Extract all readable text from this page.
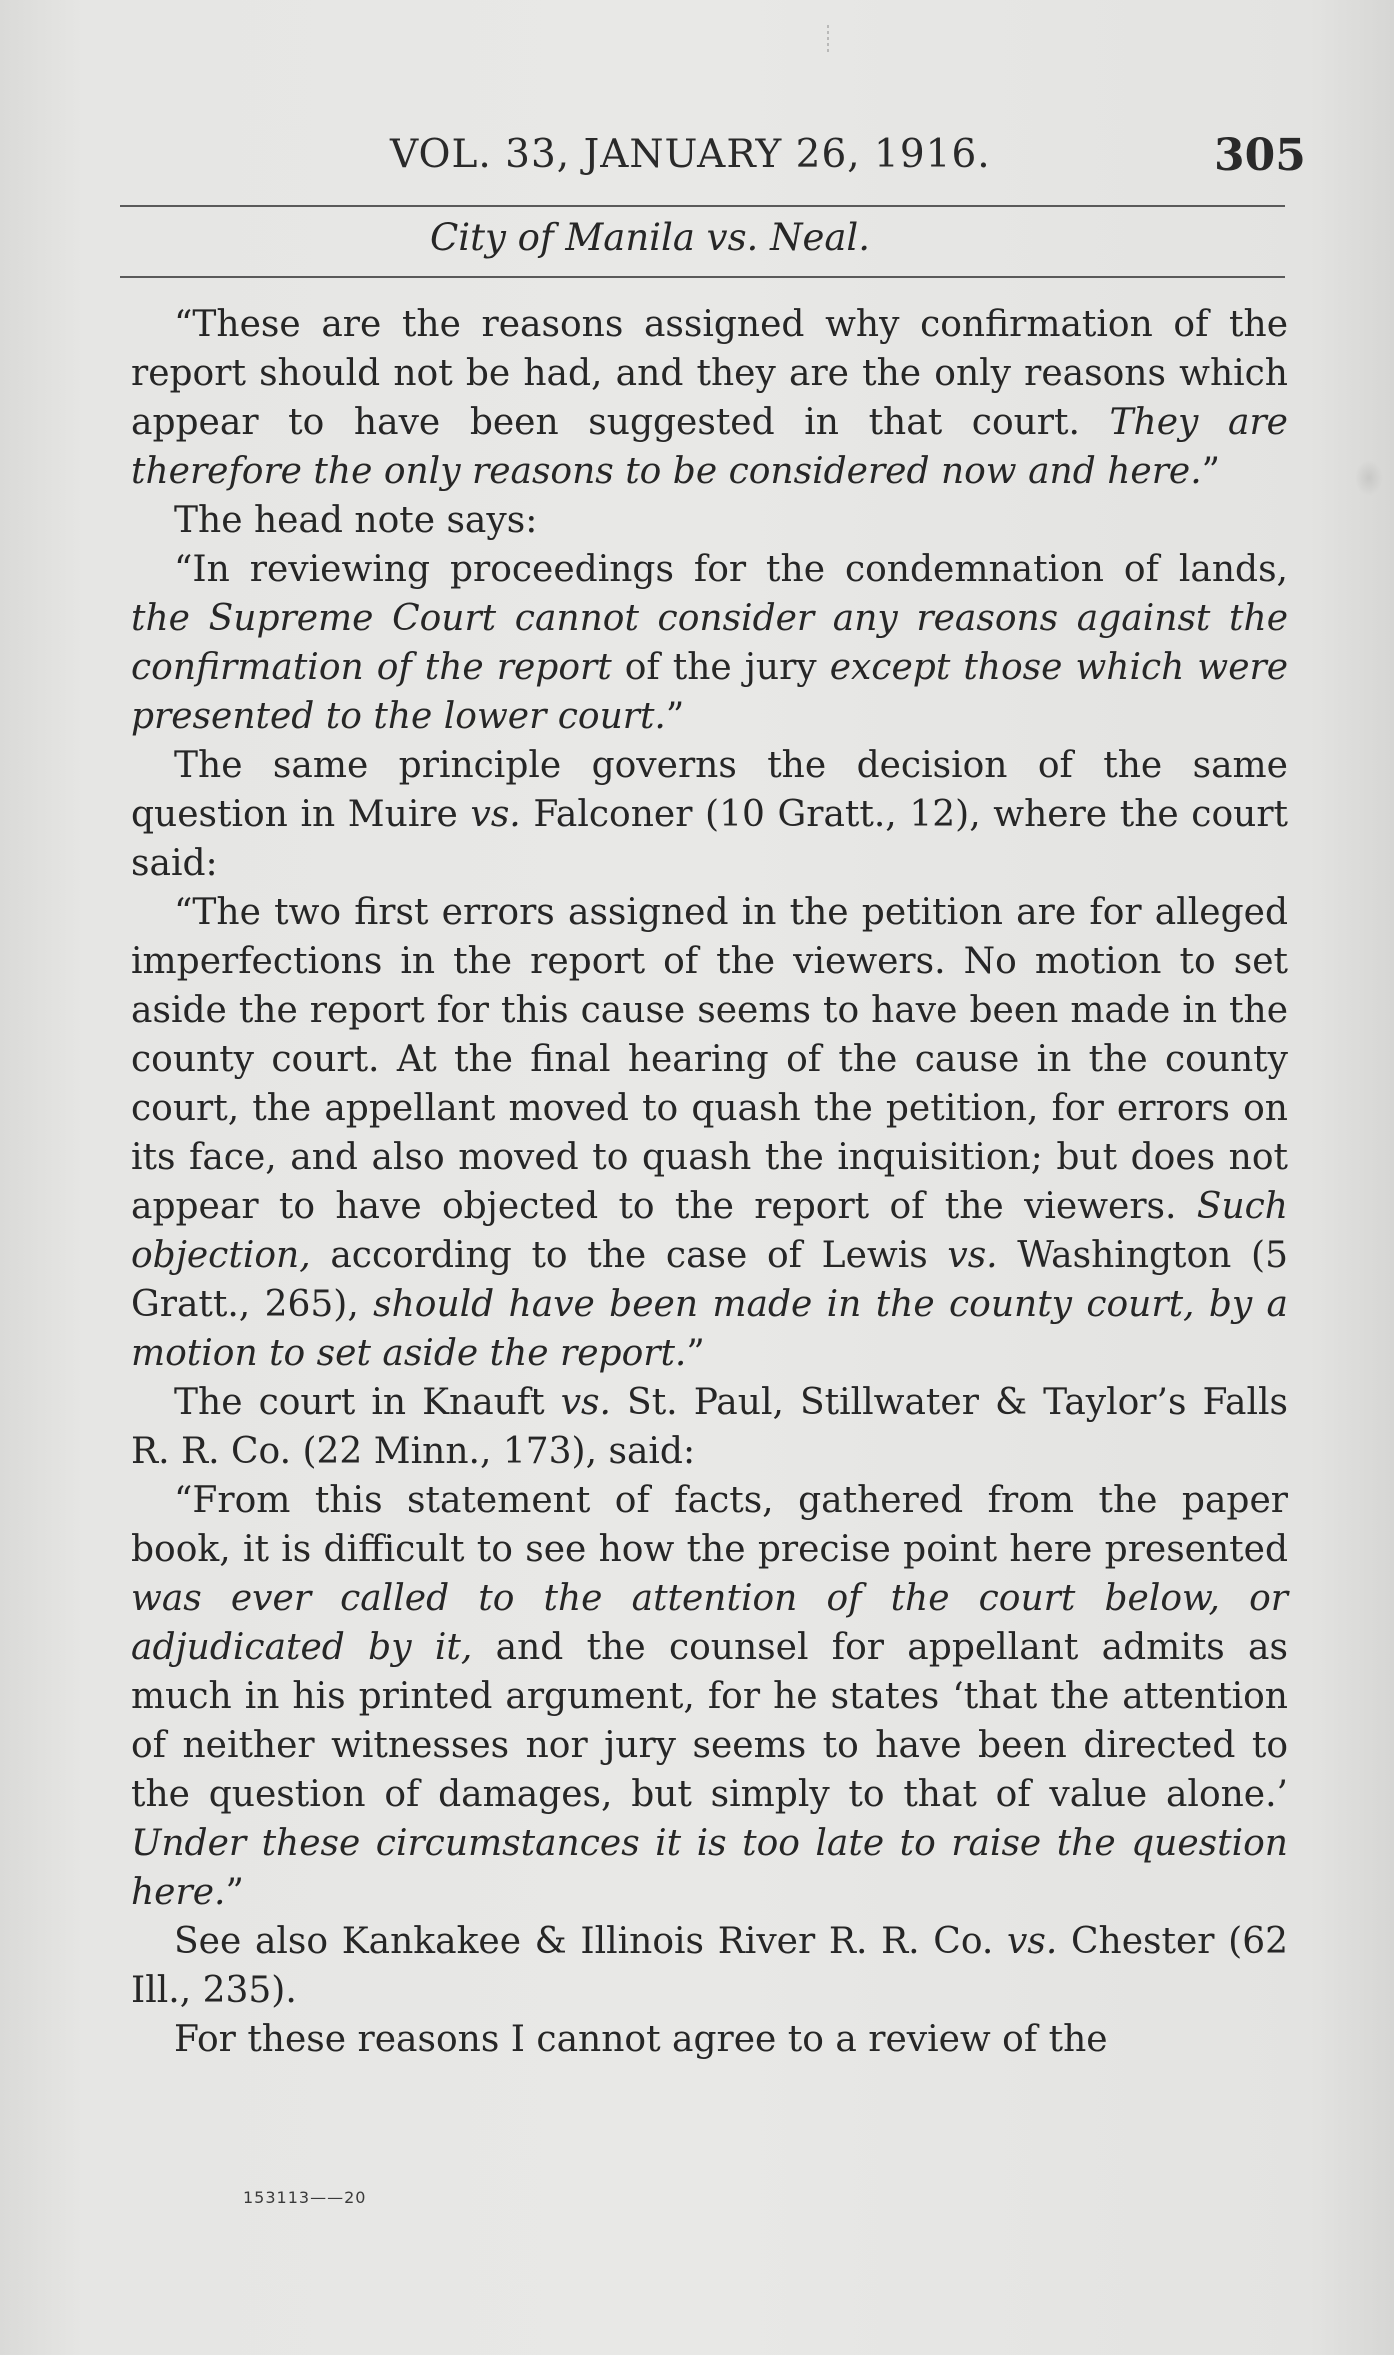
VOL. 33, JANUARY 26, 1916.	305
City of Manila vs. Neal.

“These are the reasons assigned why confirmation of the report should not be had, and they are the only reasons which appear to have been suggested in that court. They are therefore the only reasons to be considered now and here.”

The head note says:

“In reviewing proceedings for the condemnation of lands, the Supreme Court cannot consider any reasons against the confirmation of the report of the jury except those which were presented to the lower court.”

The same principle governs the decision of the same question in Muire vs. Falconer (10 Gratt., 12), where the court said:

“The two first errors assigned in the petition are for alleged imperfections in the report of the viewers. No motion to set aside the report for this cause seems to have been made in the county court. At the final hearing of the cause in the county court, the appellant moved to quash the petition, for errors on its face, and also moved to quash the inquisition; but does not appear to have objected to the report of the viewers. Such objection, according to the case of Lewis vs. Washington (5 Gratt., 265), should have been made in the county court, by a motion to set aside the report.”

The court in Knauft vs. St. Paul, Stillwater & Taylor’s Falls R. R. Co. (22 Minn., 173), said:

“From this statement of facts, gathered from the paper book, it is difficult to see how the precise point here presented was ever called to the attention of the court below, or adjudicated by it, and the counsel for appellant admits as much in his printed argument, for he states ‘that the attention of neither witnesses nor jury seems to have been directed to the question of damages, but simply to that of value alone.’ Under these circumstances it is too late to raise the question here.”

See also Kankakee & Illinois River R. R. Co. vs. Chester (62 Ill., 235).

For these reasons I cannot agree to a review of the

153113——20
